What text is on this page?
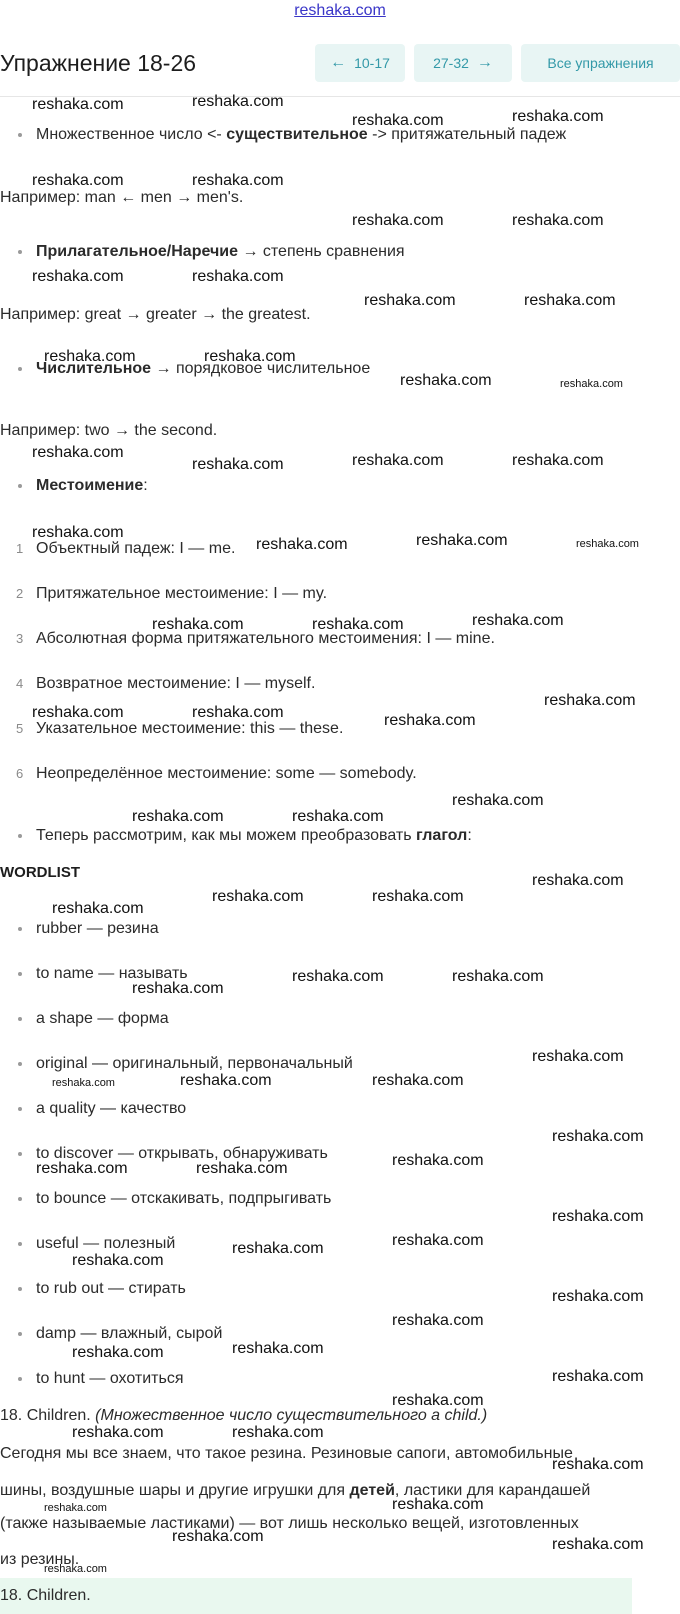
reshaka.com
Упражнение 18-26	← 10-17	27-32 →	Все упражнения
Множественное число <- существительное -> притяжательный падеж
Например: man ← men → men's.
Прилагательное/Наречие → степень сравнения
Например: great → greater → the greatest.
Числительное → порядковое числительное
Например: two → the second.
Местоимение:
1 Объектный падеж: I — me.
2 Притяжательное местоимение: I — my.
3 Абсолютная форма притяжательного местоимения: I — mine.
4 Возвратное местоимение: I — myself.
5 Указательное местоимение: this — these.
6 Неопределённое местоимение: some — somebody.
Теперь рассмотрим, как мы можем преобразовать глагол:
WORDLIST
rubber — резина
to name — называть
a shape — форма
original — оригинальный, первоначальный
a quality — качество
to discover — открывать, обнаруживать
to bounce — отскакивать, подпрыгивать
useful — полезный
to rub out — стирать
damp — влажный, сырой
to hunt — охотиться
18. Children. (Множественное число существительного a child.)
Сегодня мы все знаем, что такое резина. Резиновые сапоги, автомобильные
шины, воздушные шары и другие игрушки для детей, ластики для карандашей
(также называемые ластиками) — вот лишь несколько вещей, изготовленных
из резины.
18. Children.
reshaka.com	reshaka.com
reshaka.com	reshaka.com
reshaka.com	reshaka.com
reshaka.com	reshaka.com
reshaka.com	reshaka.com
reshaka.com	reshaka.com
reshaka.com	reshaka.com
reshaka.com	reshaka.com
reshaka.com
reshaka.com	reshaka.com	reshaka.com
reshaka.com
reshaka.com	reshaka.com	reshaka.com
reshaka.com	reshaka.com	reshaka.com
reshaka.com
reshaka.com	reshaka.com	reshaka.com
reshaka.com
reshaka.com	reshaka.com
reshaka.com
reshaka.com	reshaka.com
reshaka.com
reshaka.com	reshaka.com
reshaka.com
reshaka.com
reshaka.com	reshaka.com	reshaka.com
reshaka.com
reshaka.com
reshaka.com	reshaka.com
reshaka.com
reshaka.com
reshaka.com
reshaka.com
reshaka.com
reshaka.com
reshaka.com
reshaka.com
reshaka.com
reshaka.com
reshaka.com	reshaka.com
reshaka.com
reshaka.com	reshaka.com
reshaka.com	reshaka.com
reshaka.com
